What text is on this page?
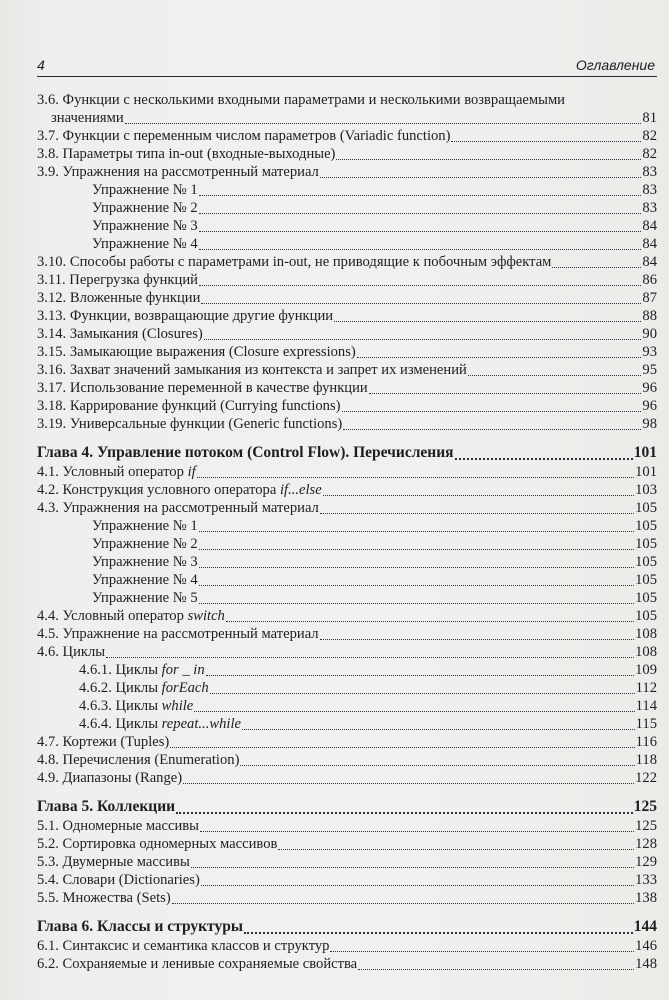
4	Оглавление
3.6. Функции с несколькими входными параметрами и несколькими возвращаемыми
значениями	81
3.7. Функции с переменным числом параметров (Variadic function)	82
3.8. Параметры типа in-out (входные-выходные)	82
3.9. Упражнения на рассмотренный материал	83
Упражнение № 1	83
Упражнение № 2	83
Упражнение № 3	84
Упражнение № 4	84
3.10. Способы работы с параметрами in-out, не приводящие к побочным эффектам	84
3.11. Перегрузка функций	86
3.12. Вложенные функции	87
3.13. Функции, возвращающие другие функции	88
3.14. Замыкания (Closures)	90
3.15. Замыкающие выражения (Closure expressions)	93
3.16. Захват значений замыкания из контекста и запрет их изменений	95
3.17. Использование переменной в качестве функции	96
3.18. Каррирование функций (Currying functions)	96
3.19. Универсальные функции (Generic functions)	98
Глава 4. Управление потоком (Control Flow). Перечисления	101
4.1. Условный оператор if	101
4.2. Конструкция условного оператора if...else	103
4.3. Упражнения на рассмотренный материал	105
Упражнение № 1	105
Упражнение № 2	105
Упражнение № 3	105
Упражнение № 4	105
Упражнение № 5	105
4.4. Условный оператор switch	105
4.5. Упражнение на рассмотренный материал	108
4.6. Циклы	108
4.6.1. Циклы for _ in	109
4.6.2. Циклы forEach	112
4.6.3. Циклы while	114
4.6.4. Циклы repeat...while	115
4.7. Кортежи (Tuples)	116
4.8. Перечисления (Enumeration)	118
4.9. Диапазоны (Range)	122
Глава 5. Коллекции	125
5.1. Одномерные массивы	125
5.2. Сортировка одномерных массивов	128
5.3. Двумерные массивы	129
5.4. Словари (Dictionaries)	133
5.5. Множества (Sets)	138
Глава 6. Классы и структуры	144
6.1. Синтаксис и семантика классов и структур	146
6.2. Сохраняемые и ленивые сохраняемые свойства	148
